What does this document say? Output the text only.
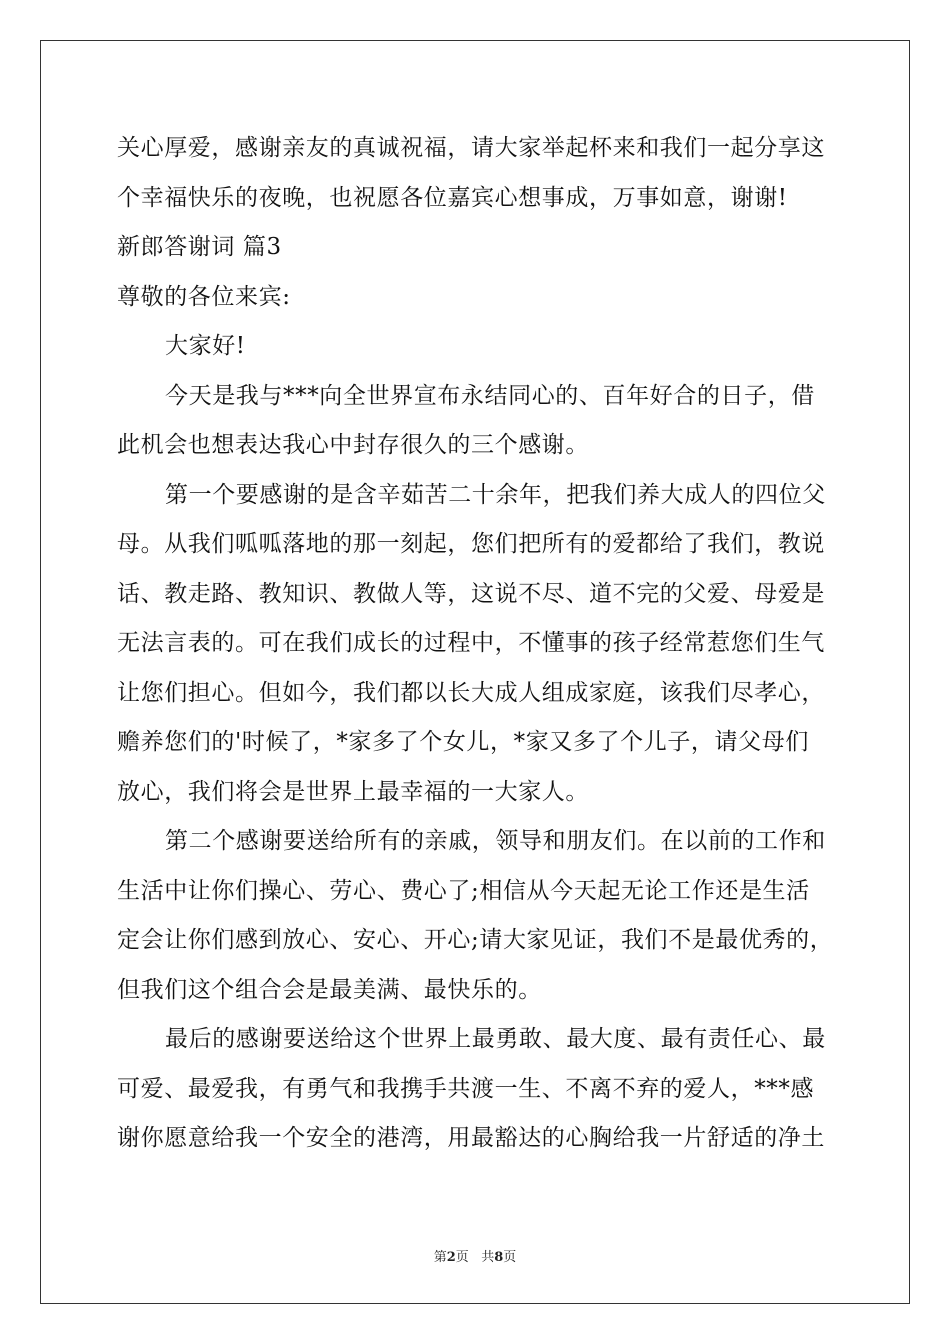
关心厚爱，感谢亲友的真诚祝福，请大家举起杯来和我们一起分享这
个幸福快乐的夜晚，也祝愿各位嘉宾心想事成，万事如意，谢谢!
新郎答谢词 篇3
尊敬的各位来宾:
大家好!
今天是我与***向全世界宣布永结同心的、百年好合的日子，借
此机会也想表达我心中封存很久的三个感谢。
第一个要感谢的是含辛茹苦二十余年，把我们养大成人的四位父
母。从我们呱呱落地的那一刻起，您们把所有的爱都给了我们，教说
话、教走路、教知识、教做人等，这说不尽、道不完的父爱、母爱是
无法言表的。可在我们成长的过程中，不懂事的孩子经常惹您们生气
让您们担心。但如今，我们都以长大成人组成家庭，该我们尽孝心，
赡养您们的'时候了，*家多了个女儿，*家又多了个儿子，请父母们
放心，我们将会是世界上最幸福的一大家人。
第二个感谢要送给所有的亲戚，领导和朋友们。在以前的工作和
生活中让你们操心、劳心、费心了;相信从今天起无论工作还是生活
定会让你们感到放心、安心、开心;请大家见证，我们不是最优秀的，
但我们这个组合会是最美满、最快乐的。
最后的感谢要送给这个世界上最勇敢、最大度、最有责任心、最
可爱、最爱我，有勇气和我携手共渡一生、不离不弃的爱人，***感
谢你愿意给我一个安全的港湾，用最豁达的心胸给我一片舒适的净土
第2页 共8页
